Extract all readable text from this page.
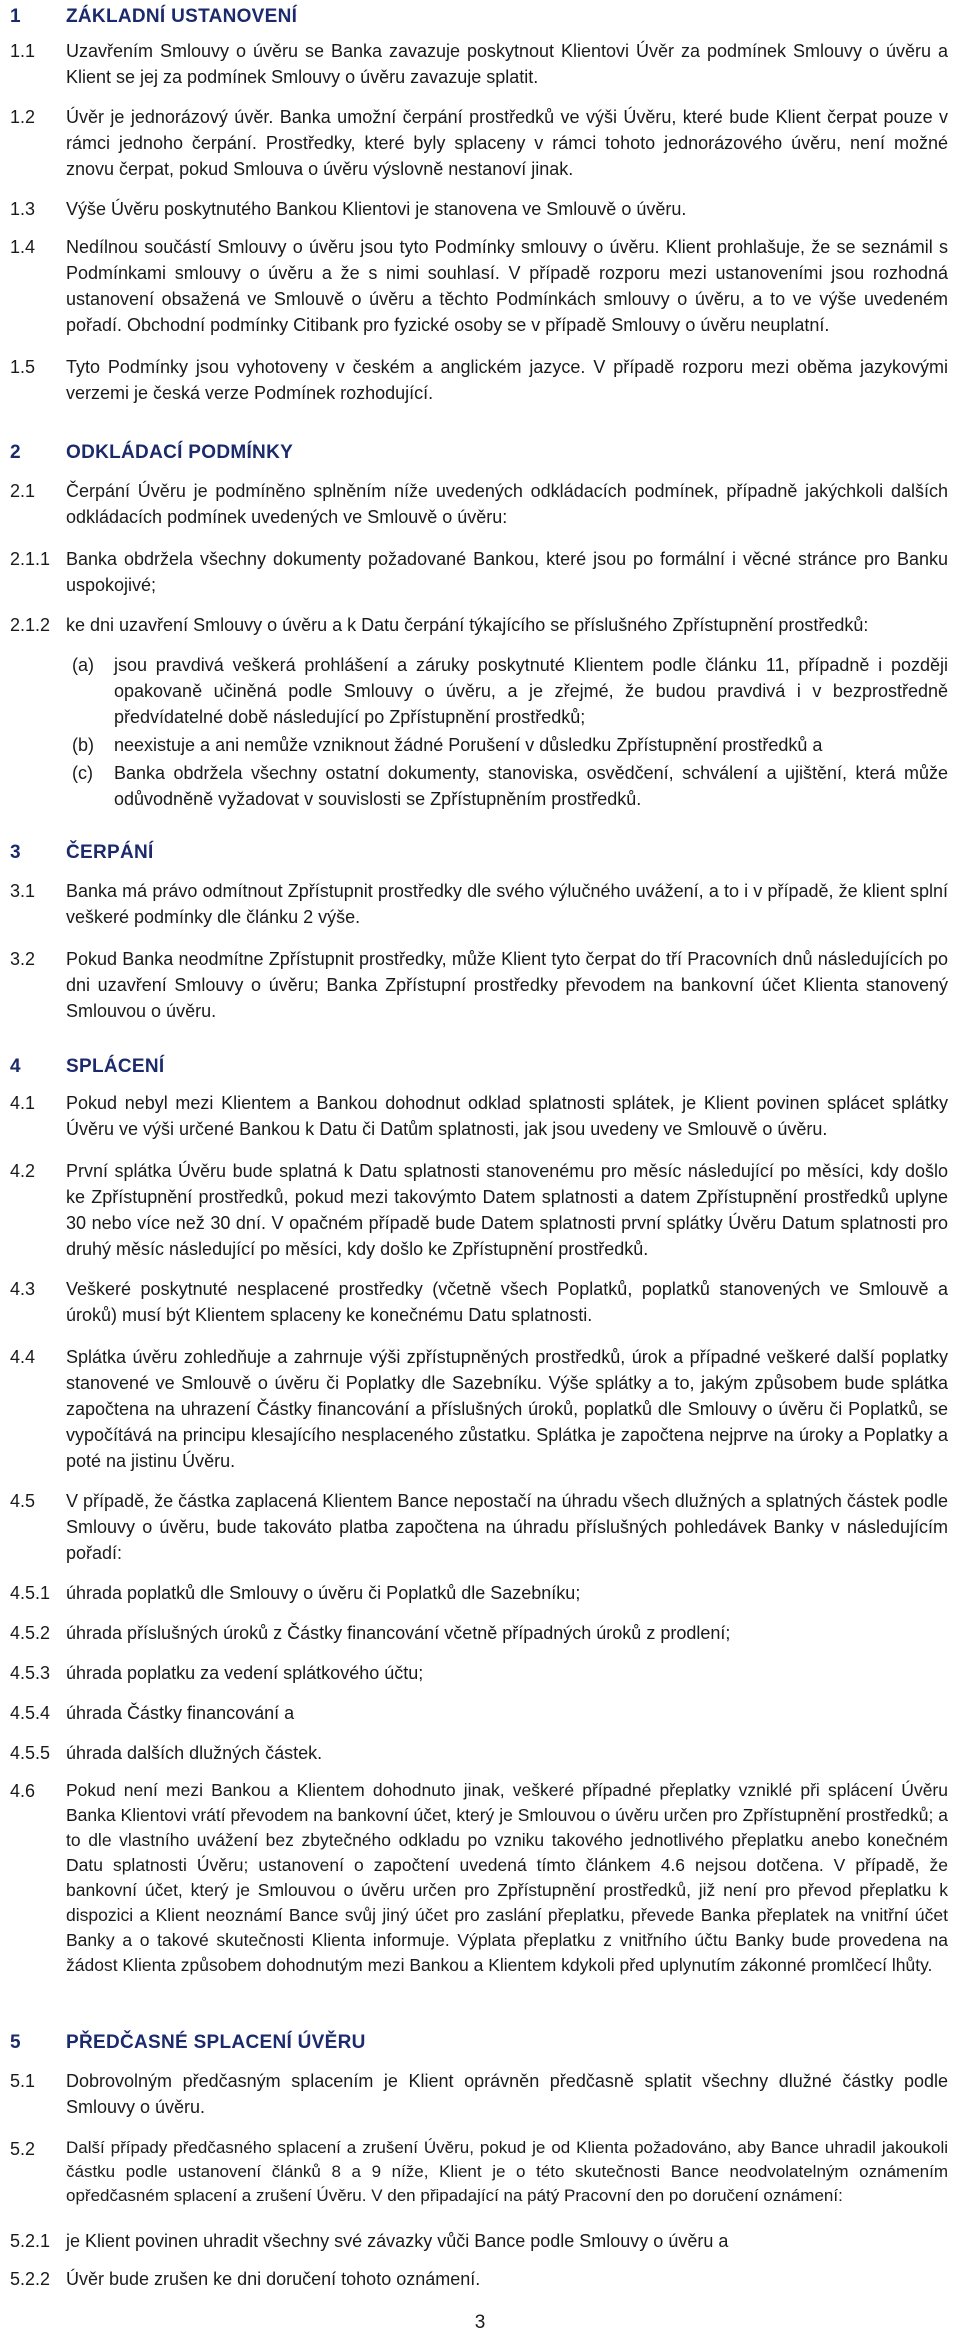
1 ZÁKLADNÍ USTANOVENÍ
1.1	Uzavřením Smlouvy o úvěru se Banka zavazuje poskytnout Klientovi Úvěr za podmínek Smlouvy o úvěru a Klient se jej za podmínek Smlouvy o úvěru zavazuje splatit.
1.2	Úvěr je jednorázový úvěr. Banka umožní čerpání prostředků ve výši Úvěru, které bude Klient čerpat pouze v rámci jednoho čerpání. Prostředky, které byly splaceny v rámci tohoto jednorázového úvěru, není možné znovu čerpat, pokud Smlouva o úvěru výslovně nestanoví jinak.
1.3	Výše Úvěru poskytnutého Bankou Klientovi je stanovena ve Smlouvě o úvěru.
1.4	Nedílnou součástí Smlouvy o úvěru jsou tyto Podmínky smlouvy o úvěru. Klient prohlašuje, že se seznámil s Podmínkami smlouvy o úvěru a že s nimi souhlasí. V případě rozporu mezi ustanoveními jsou rozhodná ustanovení obsažená ve Smlouvě o úvěru a těchto Podmínkách smlouvy o úvěru, a to ve výše uvedeném pořadí. Obchodní podmínky Citibank pro fyzické osoby se v případě Smlouvy o úvěru neuplatní.
1.5	Tyto Podmínky jsou vyhotoveny v českém a anglickém jazyce. V případě rozporu mezi oběma jazykovými verzemi je česká verze Podmínek rozhodující.
2 ODKLÁDACÍ PODMÍNKY
2.1	Čerpání Úvěru je podmíněno splněním níže uvedených odkládacích podmínek, případně jakýchkoli dalších odkládacích podmínek uvedených ve Smlouvě o úvěru:
2.1.1 Banka obdržela všechny dokumenty požadované Bankou, které jsou po formální i věcné stránce pro Banku uspokojivé;
2.1.2 ke dni uzavření Smlouvy o úvěru a k Datu čerpání týkajícího se příslušného Zpřístupnění prostředků:
(a)	jsou pravdivá veškerá prohlášení a záruky poskytnuté Klientem podle článku 11, případně i později opakovaně učiněná podle Smlouvy o úvěru, a je zřejmé, že budou pravdivá i v bezprostředně předvídatelné době následující po Zpřístupnění prostředků;
(b)	neexistuje a ani nemůže vzniknout žádné Porušení v důsledku Zpřístupnění prostředků a
(c)	Banka obdržela všechny ostatní dokumenty, stanoviska, osvědčení, schválení a ujištění, která může odůvodněně vyžadovat v souvislosti se Zpřístupněním prostředků.
3 ČERPÁNÍ
3.1	Banka má právo odmítnout Zpřístupnit prostředky dle svého výlučného uvážení, a to i v případě, že klient splní veškeré podmínky dle článku 2 výše.
3.2	Pokud Banka neodmítne Zpřístupnit prostředky, může Klient tyto čerpat do tří Pracovních dnů následujících po dni uzavření Smlouvy o úvěru; Banka Zpřístupní prostředky převodem na bankovní účet Klienta stanovený Smlouvou o úvěru.
4 SPLÁCENÍ
4.1	Pokud nebyl mezi Klientem a Bankou dohodnut odklad splatnosti splátek, je Klient povinen splácet splátky Úvěru ve výši určené Bankou k Datu či Datům splatnosti, jak jsou uvedeny ve Smlouvě o úvěru.
4.2	První splátka Úvěru bude splatná k Datu splatnosti stanovenému pro měsíc následující po měsíci, kdy došlo ke Zpřístupnění prostředků, pokud mezi takovýmto Datem splatnosti a datem Zpřístupnění prostředků uplyne 30 nebo více než 30 dní. V opačném případě bude Datem splatnosti první splátky Úvěru Datum splatnosti pro druhý měsíc následující po měsíci, kdy došlo ke Zpřístupnění prostředků.
4.3	Veškeré poskytnuté nesplacené prostředky (včetně všech Poplatků, poplatků stanovených ve Smlouvě a úroků) musí být Klientem splaceny ke konečnému Datu splatnosti.
4.4	Splátka úvěru zohledňuje a zahrnuje výši zpřístupněných prostředků, úrok a případné veškeré další poplatky stanovené ve Smlouvě o úvěru či Poplatky dle Sazebníku. Výše splátky a to, jakým způsobem bude splátka započtena na uhrazení Částky financování a příslušných úroků, poplatků dle Smlouvy o úvěru či Poplatků, se vypočítává na principu klesajícího nesplaceného zůstatku. Splátka je započtena nejprve na úroky a Poplatky a poté na jistinu Úvěru.
4.5	V případě, že částka zaplacená Klientem Bance nepostačí na úhradu všech dlužných a splatných částek podle Smlouvy o úvěru, bude takováto platba započtena na úhradu příslušných pohledávek Banky v následujícím pořadí:
4.5.1 úhrada poplatků dle Smlouvy o úvěru či Poplatků dle Sazebníku;
4.5.2 úhrada příslušných úroků z Částky financování včetně případných úroků z prodlení;
4.5.3 úhrada poplatku za vedení splátkového účtu;
4.5.4 úhrada Částky financování a
4.5.5 úhrada dalších dlužných částek.
4.6	Pokud není mezi Bankou a Klientem dohodnuto jinak, veškeré případné přeplatky vzniklé při splácení Úvěru Banka Klientovi vrátí převodem na bankovní účet, který je Smlouvou o úvěru určen pro Zpřístupnění prostředků; a to dle vlastního uvážení bez zbytečného odkladu po vzniku takového jednotlivého přeplatku anebo konečném Datu splatnosti Úvěru; ustanovení o započtení uvedená tímto článkem 4.6 nejsou dotčena. V případě, že bankovní účet, který je Smlouvou o úvěru určen pro Zpřístupnění prostředků, již není pro převod přeplatku k dispozici a Klient neoznámí Bance svůj jiný účet pro zaslání přeplatku, převede Banka přeplatek na vnitřní účet Banky a o takové skutečnosti Klienta informuje. Výplata přeplatku z vnitřního účtu Banky bude provedena na žádost Klienta způsobem dohodnutým mezi Bankou a Klientem kdykoli před uplynutím zákonné promlčecí lhůty.
5 PŘEDČASNÉ SPLACENÍ ÚVĚRU
5.1	Dobrovolným předčasným splacením je Klient oprávněn předčasně splatit všechny dlužné částky podle Smlouvy o úvěru.
5.2	Další případy předčasného splacení a zrušení Úvěru, pokud je od Klienta požadováno, aby Bance uhradil jakoukoli částku podle ustanovení článků 8 a 9 níže, Klient je o této skutečnosti Bance neodvolatelným oznámením opředčasném splacení a zrušení Úvěru. V den připadající na pátý Pracovní den po doručení oznámení:
5.2.1 je Klient povinen uhradit všechny své závazky vůči Bance podle Smlouvy o úvěru a
5.2.2 Úvěr bude zrušen ke dni doručení tohoto oznámení.
3
